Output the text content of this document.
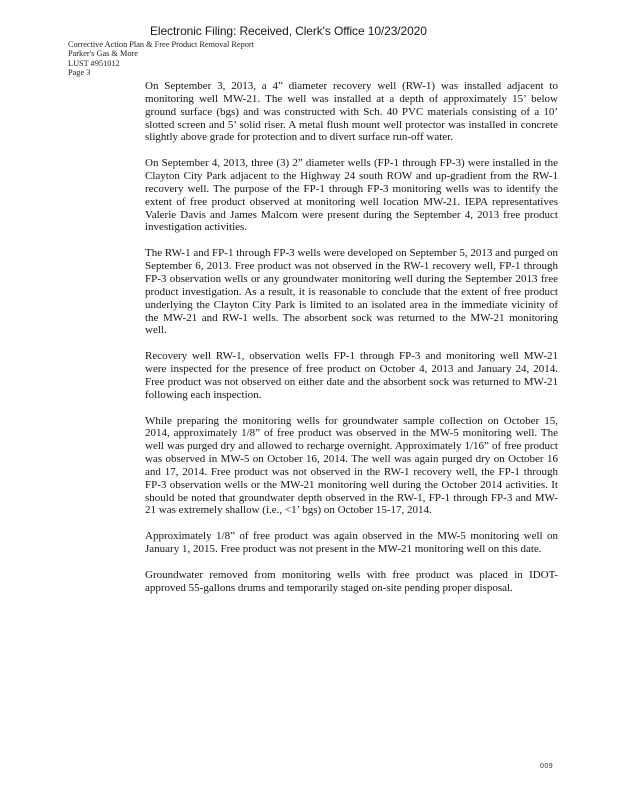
Electronic Filing: Received, Clerk's Office 10/23/2020
Corrective Action Plan & Free Product Removal Report
Parker's Gas & More
LUST #951012
Page 3

On September 3, 2013, a 4” diameter recovery well (RW-1) was installed adjacent to monitoring well MW-21. The well was installed at a depth of approximately 15’ below ground surface (bgs) and was constructed with Sch. 40 PVC materials consisting of a 10’ slotted screen and 5’ solid riser. A metal flush mount well protector was installed in concrete slightly above grade for protection and to divert surface run-off water.

On September 4, 2013, three (3) 2” diameter wells (FP-1 through FP-3) were installed in the Clayton City Park adjacent to the Highway 24 south ROW and up-gradient from the RW-1 recovery well. The purpose of the FP-1 through FP-3 monitoring wells was to identify the extent of free product observed at monitoring well location MW-21. IEPA representatives Valerie Davis and James Malcom were present during the September 4, 2013 free product investigation activities.

The RW-1 and FP-1 through FP-3 wells were developed on September 5, 2013 and purged on September 6, 2013. Free product was not observed in the RW-1 recovery well, FP-1 through FP-3 observation wells or any groundwater monitoring well during the September 2013 free product investigation. As a result, it is reasonable to conclude that the extent of free product underlying the Clayton City Park is limited to an isolated area in the immediate vicinity of the MW-21 and RW-1 wells. The absorbent sock was returned to the MW-21 monitoring well.

Recovery well RW-1, observation wells FP-1 through FP-3 and monitoring well MW-21 were inspected for the presence of free product on October 4, 2013 and January 24, 2014. Free product was not observed on either date and the absorbent sock was returned to MW-21 following each inspection.

While preparing the monitoring wells for groundwater sample collection on October 15, 2014, approximately 1/8” of free product was observed in the MW-5 monitoring well. The well was purged dry and allowed to recharge overnight. Approximately 1/16” of free product was observed in MW-5 on October 16, 2014. The well was again purged dry on October 16 and 17, 2014. Free product was not observed in the RW-1 recovery well, the FP-1 through FP-3 observation wells or the MW-21 monitoring well during the October 2014 activities. It should be noted that groundwater depth observed in the RW-1, FP-1 through FP-3 and MW-21 was extremely shallow (i.e., <1’ bgs) on October 15-17, 2014.

Approximately 1/8” of free product was again observed in the MW-5 monitoring well on January 1, 2015. Free product was not present in the MW-21 monitoring well on this date.

Groundwater removed from monitoring wells with free product was placed in IDOT-approved 55-gallons drums and temporarily staged on-site pending proper disposal.

009
